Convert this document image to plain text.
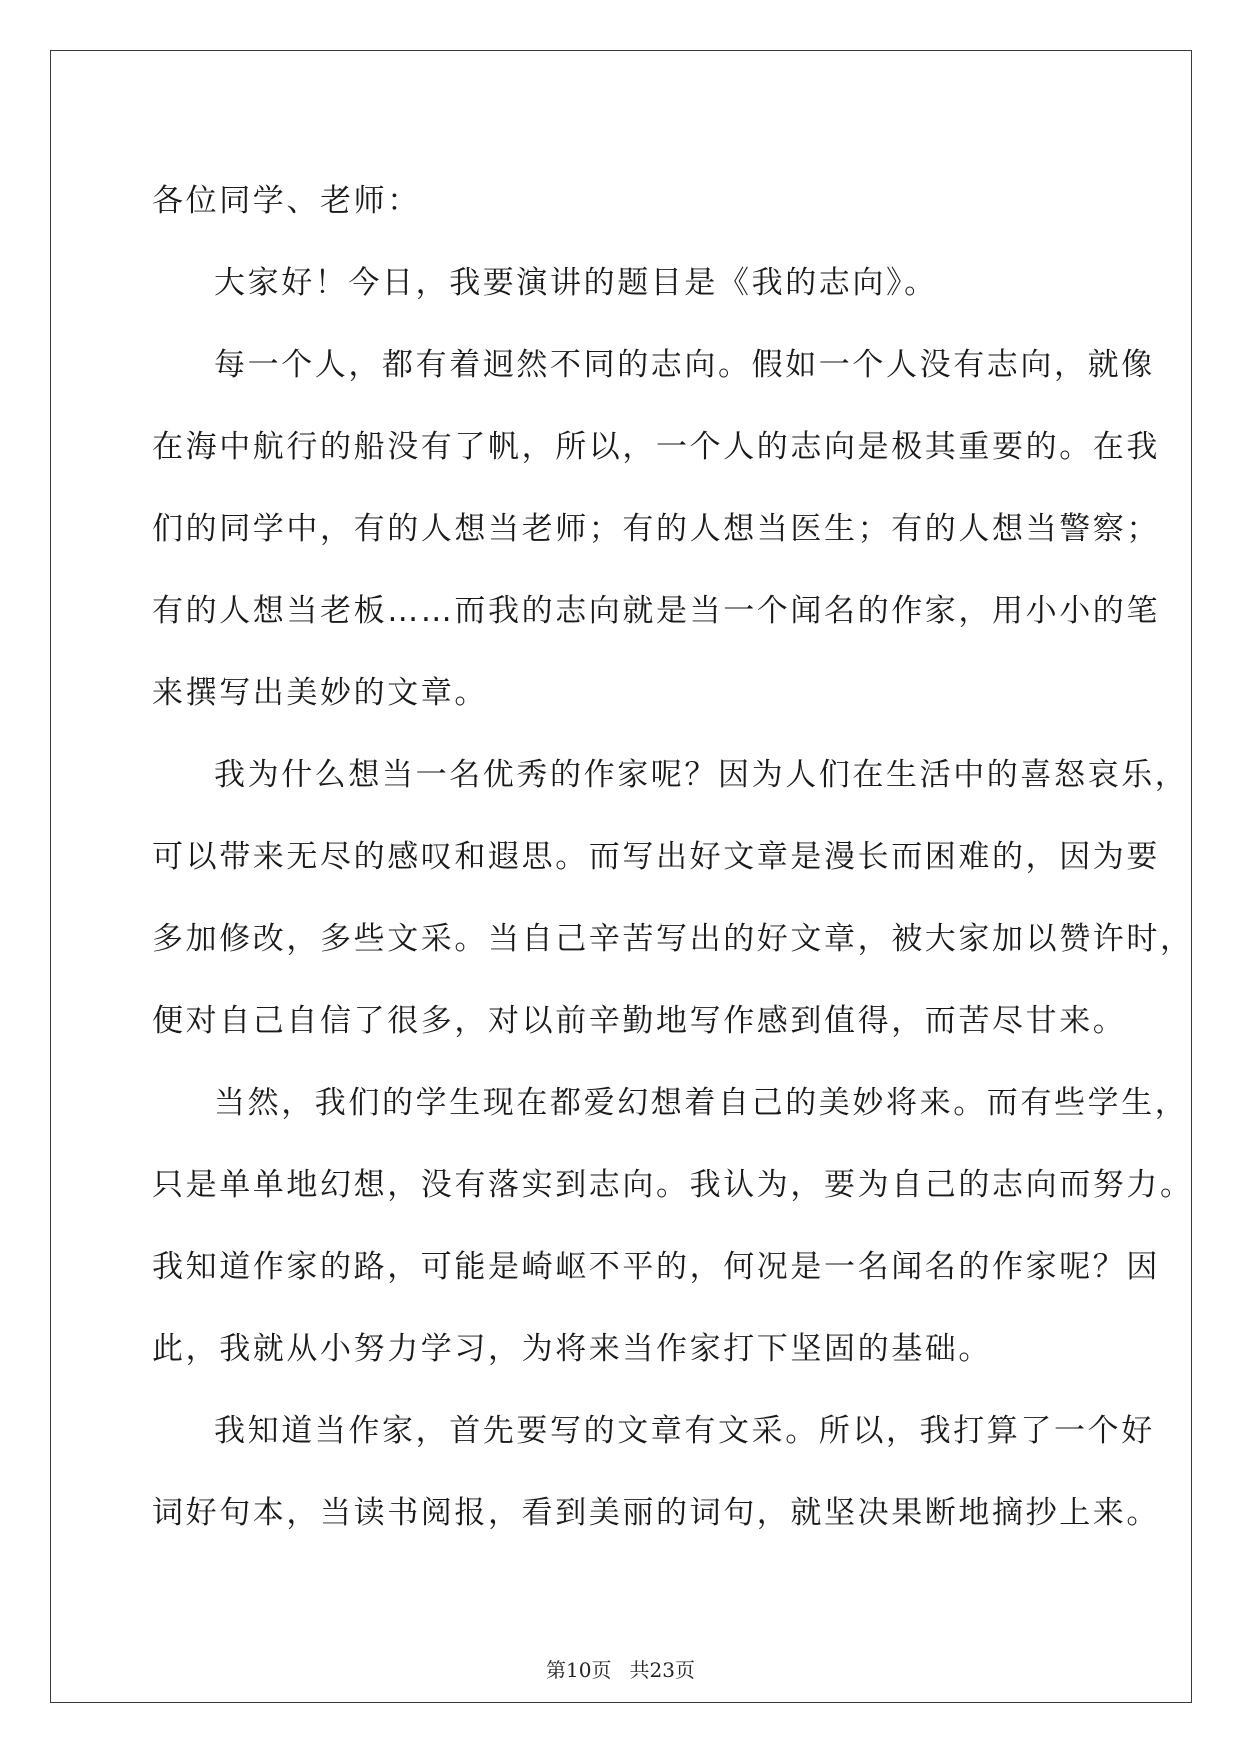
各位同学、老师：
大家好！今日，我要演讲的题目是《我的志向》。
每一个人，都有着迥然不同的志向。假如一个人没有志向，就像
在海中航行的船没有了帆，所以，一个人的志向是极其重要的。在我
们的同学中，有的人想当老师；有的人想当医生；有的人想当警察；
有的人想当老板……而我的志向就是当一个闻名的作家，用小小的笔
来撰写出美妙的文章。
我为什么想当一名优秀的作家呢？因为人们在生活中的喜怒哀乐，
可以带来无尽的感叹和遐思。而写出好文章是漫长而困难的，因为要
多加修改，多些文采。当自己辛苦写出的好文章，被大家加以赞许时，
便对自己自信了很多，对以前辛勤地写作感到值得，而苦尽甘来。
当然，我们的学生现在都爱幻想着自己的美妙将来。而有些学生，
只是单单地幻想，没有落实到志向。我认为，要为自己的志向而努力。
我知道作家的路，可能是崎岖不平的，何况是一名闻名的作家呢？因
此，我就从小努力学习，为将来当作家打下坚固的基础。
我知道当作家，首先要写的文章有文采。所以，我打算了一个好
词好句本，当读书阅报，看到美丽的词句，就坚决果断地摘抄上来。
第10页 共23页
